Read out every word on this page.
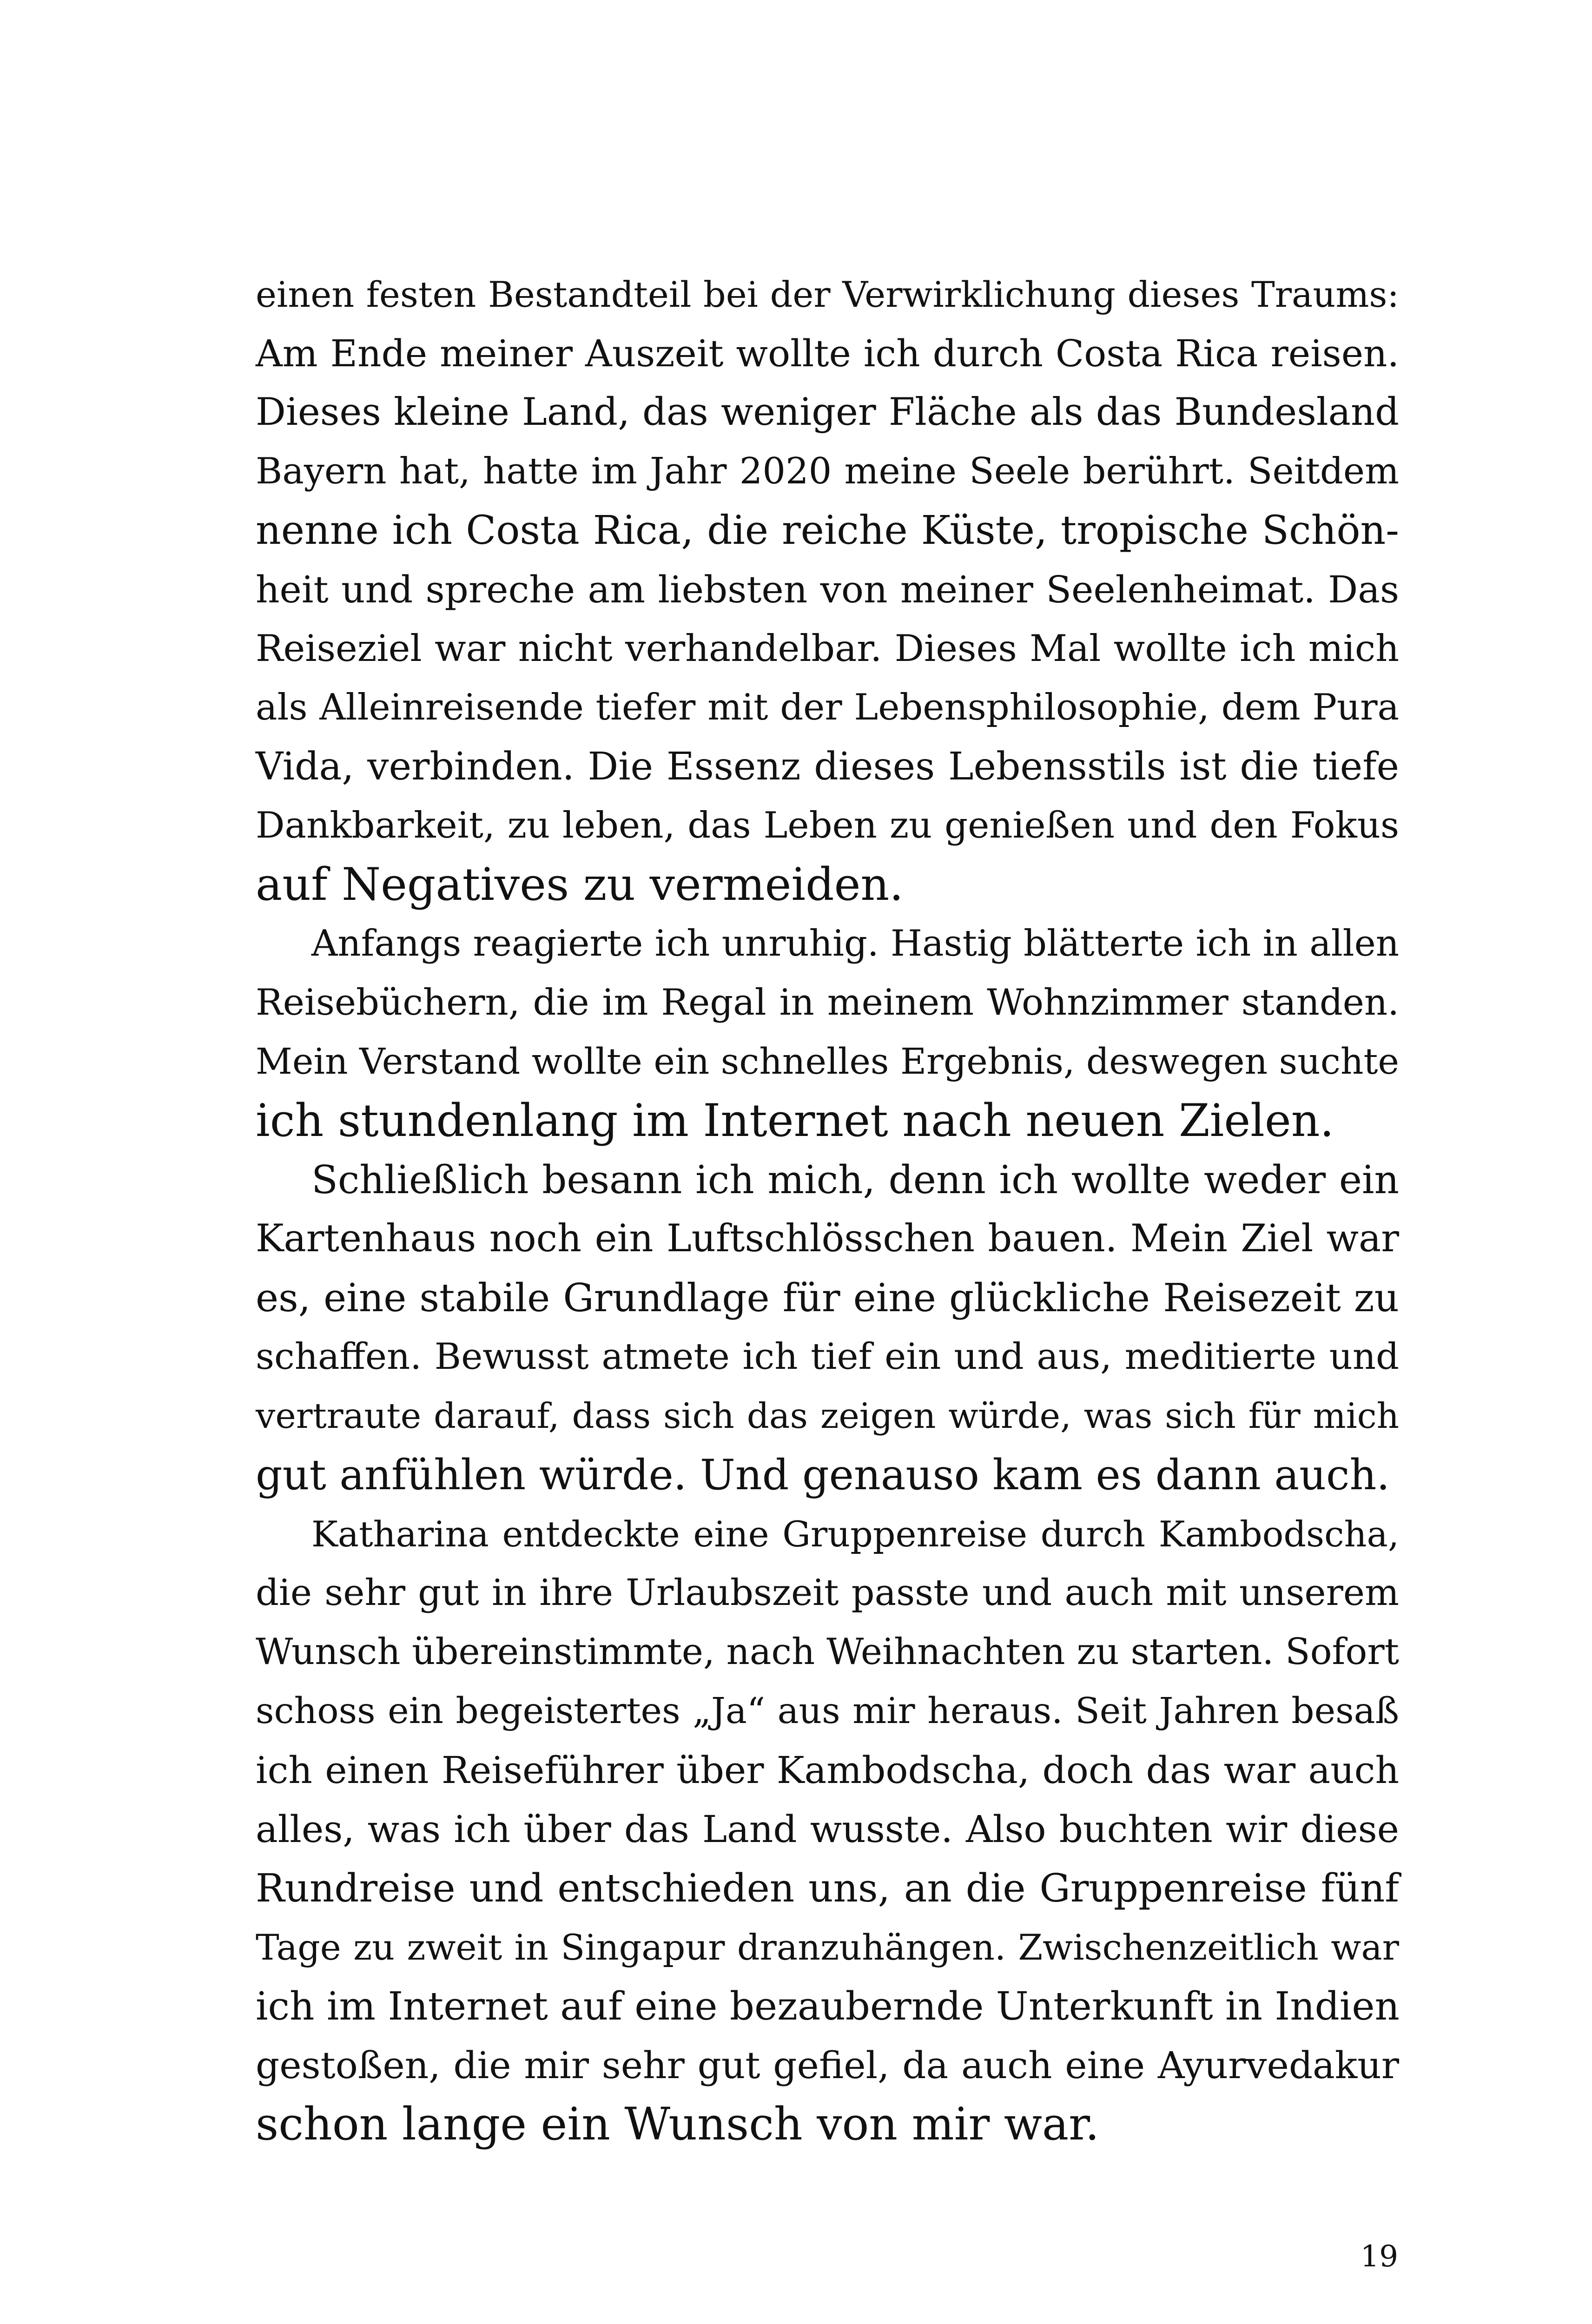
einen festen Bestandteil bei der Verwirklichung dieses Traums:
Am Ende meiner Auszeit wollte ich durch Costa Rica reisen.
Dieses kleine Land, das weniger Fläche als das Bundesland
Bayern hat, hatte im Jahr 2020 meine Seele berührt. Seitdem
nenne ich Costa Rica, die reiche Küste, tropische Schön-
heit und spreche am liebsten von meiner Seelenheimat. Das
Reiseziel war nicht verhandelbar. Dieses Mal wollte ich mich
als Alleinreisende tiefer mit der Lebensphilosophie, dem Pura
Vida, verbinden. Die Essenz dieses Lebensstils ist die tiefe
Dankbarkeit, zu leben, das Leben zu genießen und den Fokus
auf Negatives zu vermeiden.
Anfangs reagierte ich unruhig. Hastig blätterte ich in allen
Reisebüchern, die im Regal in meinem Wohnzimmer standen.
Mein Verstand wollte ein schnelles Ergebnis, deswegen suchte
ich stundenlang im Internet nach neuen Zielen.
Schließlich besann ich mich, denn ich wollte weder ein
Kartenhaus noch ein Luftschlösschen bauen. Mein Ziel war
es, eine stabile Grundlage für eine glückliche Reisezeit zu
schaffen. Bewusst atmete ich tief ein und aus, meditierte und
vertraute darauf, dass sich das zeigen würde, was sich für mich
gut anfühlen würde. Und genauso kam es dann auch.
Katharina entdeckte eine Gruppenreise durch Kambodscha,
die sehr gut in ihre Urlaubszeit passte und auch mit unserem
Wunsch übereinstimmte, nach Weihnachten zu starten. Sofort
schoss ein begeistertes „Ja“ aus mir heraus. Seit Jahren besaß
ich einen Reiseführer über Kambodscha, doch das war auch
alles, was ich über das Land wusste. Also buchten wir diese
Rundreise und entschieden uns, an die Gruppenreise fünf
Tage zu zweit in Singapur dranzuhängen. Zwischenzeitlich war
ich im Internet auf eine bezaubernde Unterkunft in Indien
gestoßen, die mir sehr gut gefiel, da auch eine Ayurvedakur
schon lange ein Wunsch von mir war.
19
